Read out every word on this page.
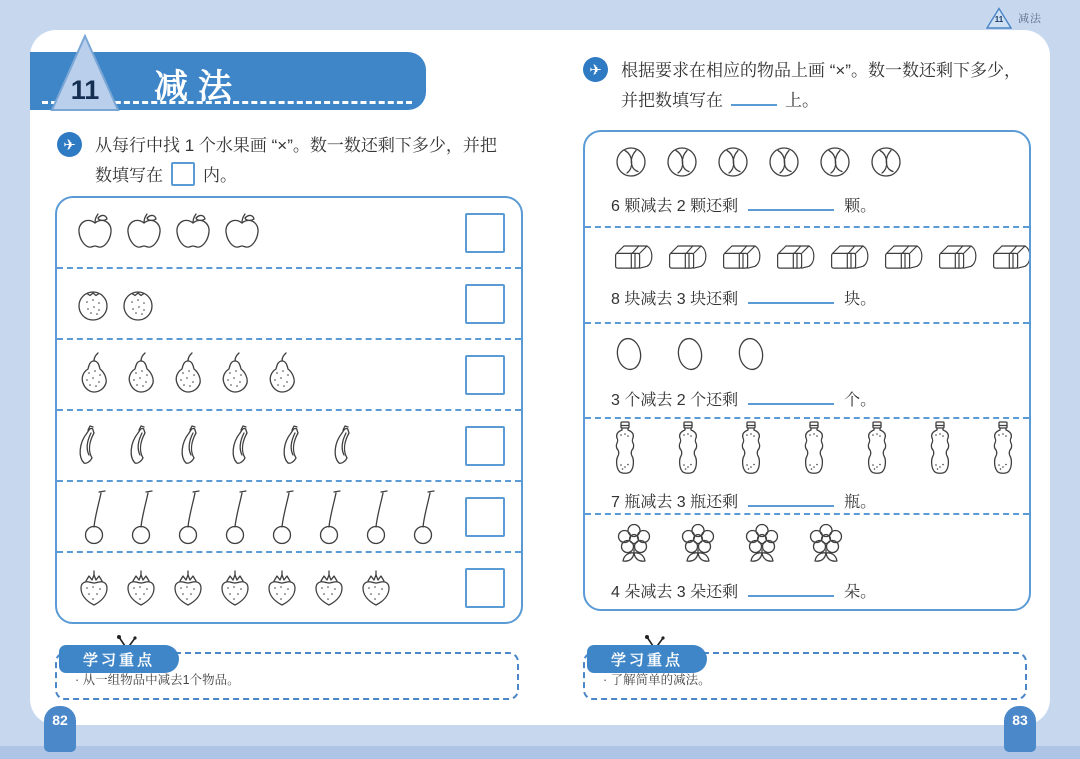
11	减法
减法
11
✈	从每行中找 1 个水果画 “×”。数一数还剩下多少，并把
数填写在 内。
✈	根据要求在相应的物品上画 “×”。数一数还剩下多少，
并把数填写在	上。
6 颗减去 2 颗还剩	颗。
8 块减去 3 块还剩	块。
3 个减去 2 个还剩	个。
7 瓶减去 3 瓶还剩	瓶。
4 朵减去 3 朵还剩	朵。
学习重点
· 从一组物品中减去1个物品。
学习重点
· 了解简单的减法。
82	83
